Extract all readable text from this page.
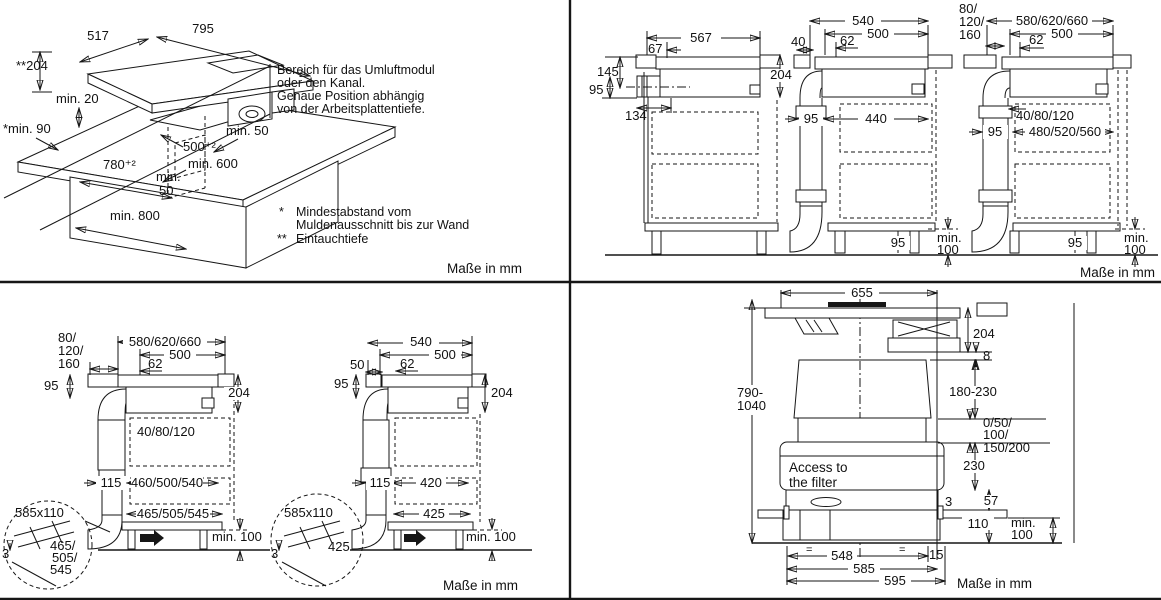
517	795
**204
min. 20
*min. 90	min. 50
500⁺²
min. 600
780⁺²
min.
50
min. 800
Bereich für das Umluftmodul
oder den Kanal.
Genaue Position abhängig
von der Arbeitsplattentiefe.
* Mindestabstand vom
Muldenausschnitt bis zur Wand
** Eintauchtiefe
Maße in mm
567
67
145
95
204
134
540
500
40	62
95	440
95 min.
100
80/
120/
160
580/620/660
500
62
40/80/120
95 480/520/560
95	min.
100
Maße in mm
80/
120/
160
95
580/620/660
500
62
204
40/80/120
115 460/500/540
465/505/545
min. 100
585x110
465/
505/
545
3
540
500
50	62
95
204
115 420
425
min. 100
585x110
425
3
Maße in mm
655
204
8
180-230
0/50/
100/
150/200
230
3 57
110 min.
100
790-
1040
=	= 15
548
585
595
Access to
the filter
Maße in mm
